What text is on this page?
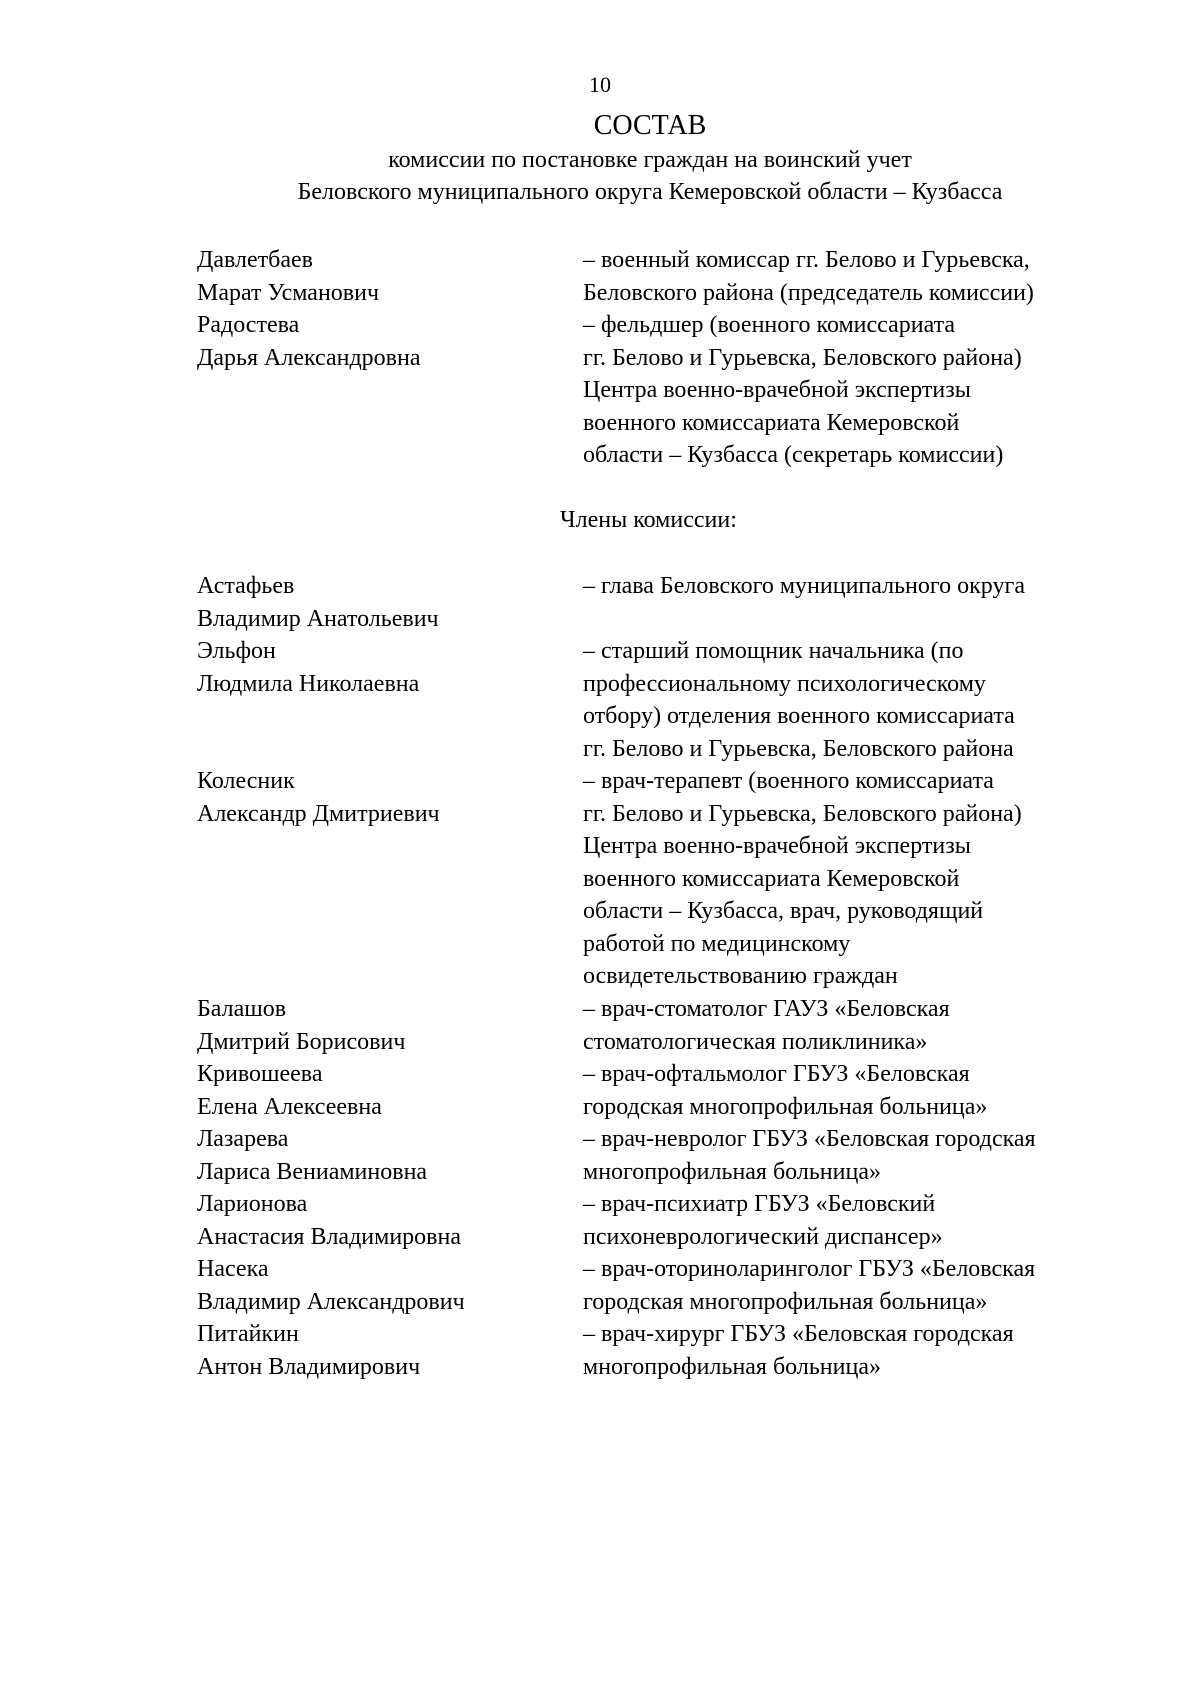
10
СОСТАВ
комиссии по постановке граждан на воинский учет
Беловского муниципального округа Кемеровской области – Кузбасса
Давлетбаев
Марат Усманович
– военный комиссар гг. Белово и Гурьевска,
Беловского района (председатель комиссии)
Радостева
Дарья Александровна
– фельдшер (военного комиссариата
гг. Белово и Гурьевска, Беловского района)
Центра военно-врачебной экспертизы
военного комиссариата Кемеровской
области – Кузбасса (секретарь комиссии)
Члены комиссии:
Астафьев
Владимир Анатольевич
– глава Беловского муниципального округа
Эльфон
Людмила Николаевна
– старший помощник начальника (по
профессиональному психологическому
отбору) отделения военного комиссариата
гг. Белово и Гурьевска, Беловского района
Колесник
Александр Дмитриевич
– врач-терапевт (военного комиссариата
гг. Белово и Гурьевска, Беловского района)
Центра военно-врачебной экспертизы
военного комиссариата Кемеровской
области – Кузбасса, врач, руководящий
работой по медицинскому
освидетельствованию граждан
Балашов
Дмитрий Борисович
– врач-стоматолог ГАУЗ «Беловская
стоматологическая поликлиника»
Кривошеева
Елена Алексеевна
– врач-офтальмолог ГБУЗ «Беловская
городская многопрофильная больница»
Лазарева
Лариса Вениаминовна
– врач-невролог ГБУЗ «Беловская городская
многопрофильная больница»
Ларионова
Анастасия Владимировна
– врач-психиатр ГБУЗ «Беловский
психоневрологический диспансер»
Насека
Владимир Александрович
– врач-оториноларинголог ГБУЗ «Беловская
городская многопрофильная больница»
Питайкин
Антон Владимирович
– врач-хирург ГБУЗ «Беловская городская
многопрофильная больница»
